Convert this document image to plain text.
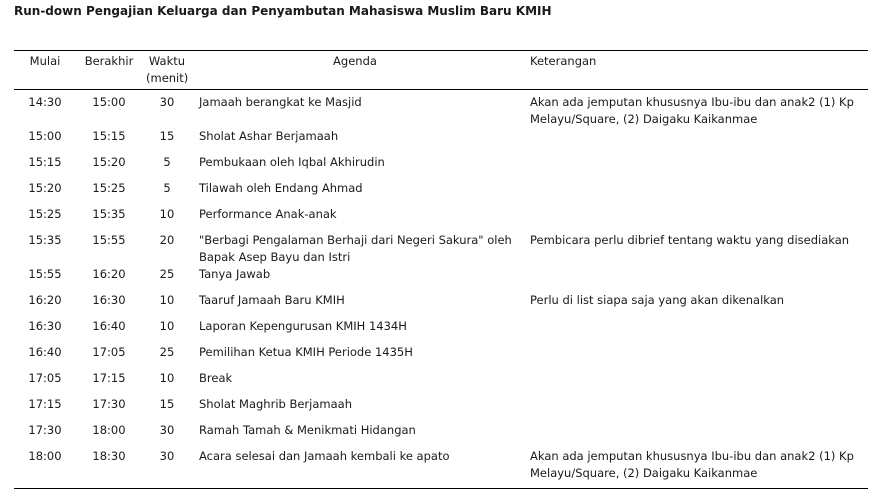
Run-down Pengajian Keluarga dan Penyambutan Mahasiswa Muslim Baru KMIH
Mulai	Berakhir	Waktu (menit)	Agenda	Keterangan
14:30	15:00	30	Jamaah berangkat ke Masjid	Akan ada jemputan khususnya Ibu-ibu dan anak2 (1) Kp Melayu/Square, (2) Daigaku Kaikanmae
15:00	15:15	15	Sholat Ashar Berjamaah	
15:15	15:20	5	Pembukaan oleh Iqbal Akhirudin	
15:20	15:25	5	Tilawah oleh Endang Ahmad	
15:25	15:35	10	Performance Anak-anak	
15:35	15:55	20	"Berbagi Pengalaman Berhaji dari Negeri Sakura" oleh Bapak Asep Bayu dan Istri	Pembicara perlu dibrief tentang waktu yang disediakan
15:55	16:20	25	Tanya Jawab	
16:20	16:30	10	Taaruf Jamaah Baru KMIH	Perlu di list siapa saja yang akan dikenalkan
16:30	16:40	10	Laporan Kepengurusan KMIH 1434H	
16:40	17:05	25	Pemilihan Ketua KMIH Periode 1435H	
17:05	17:15	10	Break	
17:15	17:30	15	Sholat Maghrib Berjamaah	
17:30	18:00	30	Ramah Tamah & Menikmati Hidangan	
18:00	18:30	30	Acara selesai dan Jamaah kembali ke apato	Akan ada jemputan khususnya Ibu-ibu dan anak2 (1) Kp Melayu/Square, (2) Daigaku Kaikanmae
